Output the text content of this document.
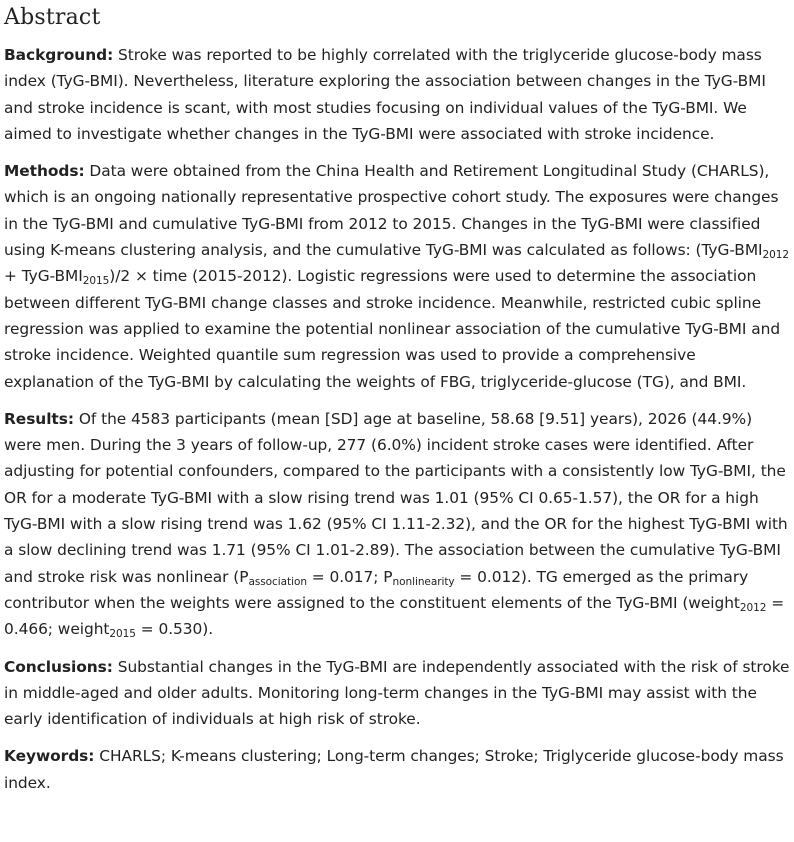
Abstract

Background: Stroke was reported to be highly correlated with the triglyceride glucose-body mass index (TyG-BMI). Nevertheless, literature exploring the association between changes in the TyG-BMI and stroke incidence is scant, with most studies focusing on individual values of the TyG-BMI. We aimed to investigate whether changes in the TyG-BMI were associated with stroke incidence.

Methods: Data were obtained from the China Health and Retirement Longitudinal Study (CHARLS), which is an ongoing nationally representative prospective cohort study. The exposures were changes in the TyG-BMI and cumulative TyG-BMI from 2012 to 2015. Changes in the TyG-BMI were classified using K-means clustering analysis, and the cumulative TyG-BMI was calculated as follows: $(TyG-BMI_{2012} + TyG-BMI_{2015})/2$ × time (2015-2012). Logistic regressions were used to determine the association between different TyG-BMI change classes and stroke incidence. Meanwhile, restricted cubic spline regression was applied to examine the potential nonlinear association of the cumulative TyG-BMI and stroke incidence. Weighted quantile sum regression was used to provide a comprehensive explanation of the TyG-BMI by calculating the weights of FBG, triglyceride-glucose (TG), and BMI.

Results: Of the 4583 participants (mean [SD] age at baseline, 58.68 [9.51] years), 2026 (44.9%) were men. During the 3 years of follow-up, 277 (6.0%) incident stroke cases were identified. After adjusting for potential confounders, compared to the participants with a consistently low TyG-BMI, the OR for a moderate TyG-BMI with a slow rising trend was 1.01 (95% CI 0.65-1.57), the OR for a high TyG-BMI with a slow rising trend was 1.62 (95% CI 1.11-2.32), and the OR for the highest TyG-BMI with a slow declining trend was 1.71 (95% CI 1.01-2.89). The association between the cumulative TyG-BMI and stroke risk was nonlinear ($P_{association} = 0.017$; $P_{nonlinearity} = 0.012$). TG emerged as the primary contributor when the weights were assigned to the constituent elements of the TyG-BMI (weight$_{2012}$ = 0.466; weight$_{2015}$ = 0.530).

Conclusions: Substantial changes in the TyG-BMI are independently associated with the risk of stroke in middle-aged and older adults. Monitoring long-term changes in the TyG-BMI may assist with the early identification of individuals at high risk of stroke.

Keywords: CHARLS; K-means clustering; Long-term changes; Stroke; Triglyceride glucose-body mass index.
